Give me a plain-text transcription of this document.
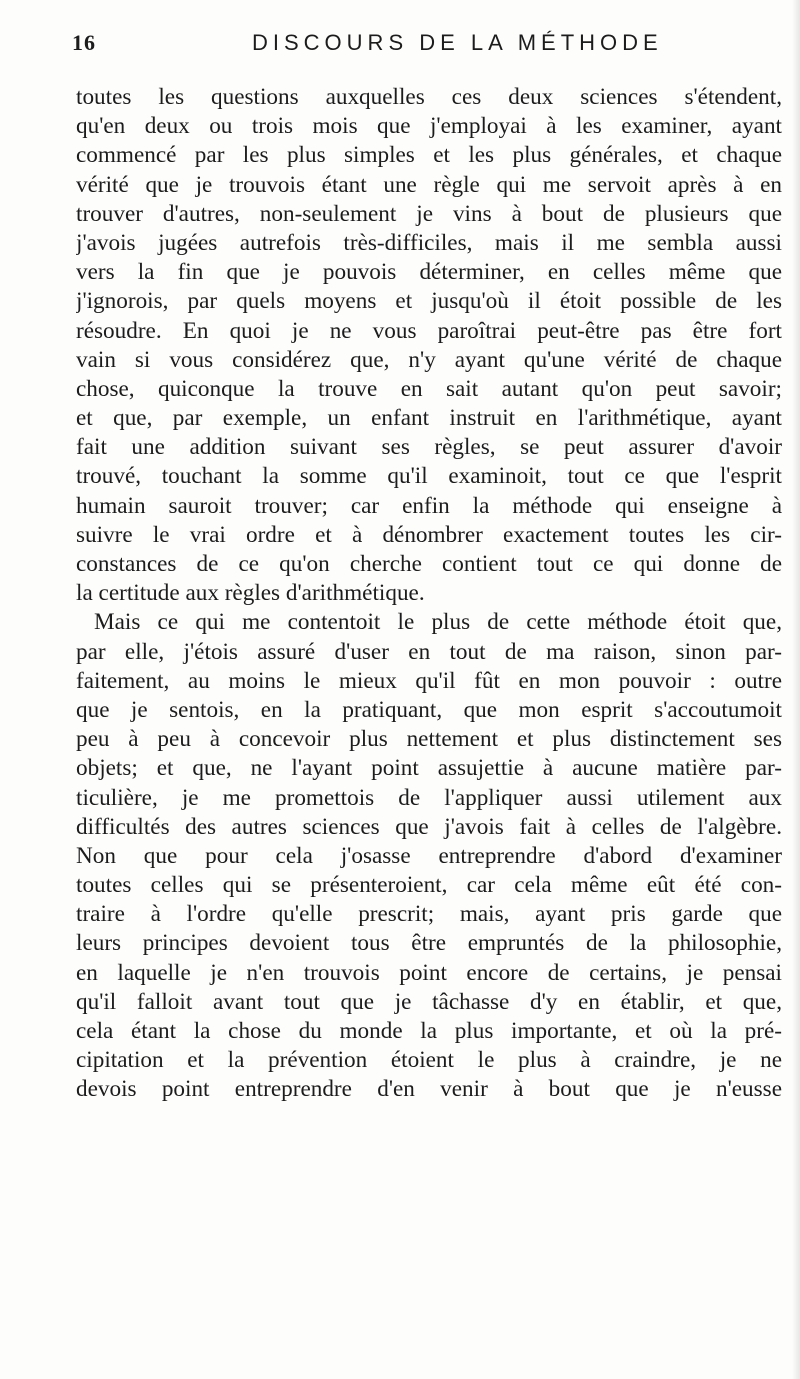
16	DISCOURS DE LA MÉTHODE
toutes les questions auxquelles ces deux sciences s'étendent,
qu'en deux ou trois mois que j'employai à les examiner, ayant
commencé par les plus simples et les plus générales, et chaque
vérité que je trouvois étant une règle qui me servoit après à en
trouver d'autres, non-seulement je vins à bout de plusieurs que
j'avois jugées autrefois très-difficiles, mais il me sembla aussi
vers la fin que je pouvois déterminer, en celles même que
j'ignorois, par quels moyens et jusqu'où il étoit possible de les
résoudre. En quoi je ne vous paroîtrai peut-être pas être fort
vain si vous considérez que, n'y ayant qu'une vérité de chaque
chose, quiconque la trouve en sait autant qu'on peut savoir;
et que, par exemple, un enfant instruit en l'arithmétique, ayant
fait une addition suivant ses règles, se peut assurer d'avoir
trouvé, touchant la somme qu'il examinoit, tout ce que l'esprit
humain sauroit trouver; car enfin la méthode qui enseigne à
suivre le vrai ordre et à dénombrer exactement toutes les cir-
constances de ce qu'on cherche contient tout ce qui donne de
la certitude aux règles d'arithmétique.
Mais ce qui me contentoit le plus de cette méthode étoit que,
par elle, j'étois assuré d'user en tout de ma raison, sinon par-
faitement, au moins le mieux qu'il fût en mon pouvoir : outre
que je sentois, en la pratiquant, que mon esprit s'accoutumoit
peu à peu à concevoir plus nettement et plus distinctement ses
objets; et que, ne l'ayant point assujettie à aucune matière par-
ticulière, je me promettois de l'appliquer aussi utilement aux
difficultés des autres sciences que j'avois fait à celles de l'algèbre.
Non que pour cela j'osasse entreprendre d'abord d'examiner
toutes celles qui se présenteroient, car cela même eût été con-
traire à l'ordre qu'elle prescrit; mais, ayant pris garde que
leurs principes devoient tous être empruntés de la philosophie,
en laquelle je n'en trouvois point encore de certains, je pensai
qu'il falloit avant tout que je tâchasse d'y en établir, et que,
cela étant la chose du monde la plus importante, et où la pré-
cipitation et la prévention étoient le plus à craindre, je ne
devois point entreprendre d'en venir à bout que je n'eusse
